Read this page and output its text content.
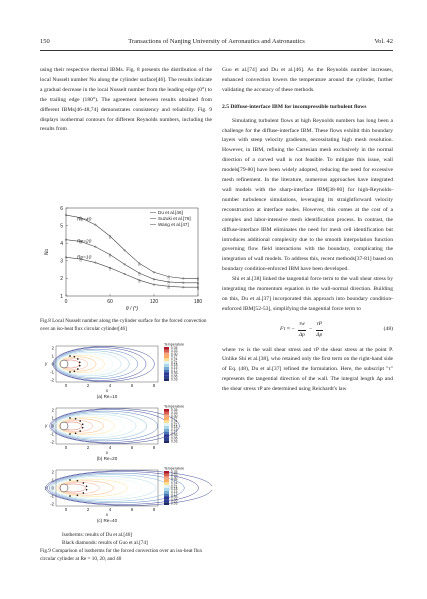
150	Transactions of Nanjing University of Aeronautics and Astronautics	Vol. 42

using their respective thermal IBMs. Fig. 8 presents the distribution of the local Nusselt number Nu along the cylinder surface[46]. The results indicate a gradual decrease in the local Nusselt number from the leading edge (0°) to the trailing edge (180°). The agreement between results obtained from different IBMs[46-48,74] demonstrates consistency and reliability. Fig. 9 displays isothermal contours for different Reynolds numbers, including the results from

0	60	120	180
1
2
3
4
5
6
θ / (°)
Nu
Re=40
Re=20
Re=10
Du et al.[46]
Suzuki et al.[78]
Wang et al.[47]
Fig.8 Local Nusselt number along the cylinder surface for the forced convection over an iso-heat flux circular cylinder[46]
2
1
0
-1
-2
0	2	4	6	8
y
x
(a) Re=10
Temperature
0.35
0.33
0.30
0.27
0.24
0.21
0.18
0.15
0.12
0.09
0.06
0.03
2
1
0
-1
-2
0	2	4	6	8
y
x
(b) Re=20
Temperature
0.35
0.33
0.30
0.27
0.24
0.21
0.18
0.15
0.12
0.09
0.06
0.03
2
1
0
-1
-2
0	2	4	6	8
y
x
(c) Re=40
Temperature
0.35
0.33
0.30
0.27
0.24
0.21
0.18
0.15
0.12
0.09
0.06
0.03
Isotherms: results of Du et al.[46]
Black diamonds: results of Guo et al.[74]
Fig.9 Comparison of isotherms for the forced convection over an iso-heat flux circular cylinder at Re = 10, 20, and 40

Guo et al.[74] and Du et al.[46]. As the Reynolds number increases, enhanced convection lowers the temperature around the cylinder, further validating the accuracy of these methods.

2.5 Diffuse-interface IBM for incompressible turbulent flows

Simulating turbulent flows at high Reynolds numbers has long been a challenge for the diffuse-interface IBM. These flows exhibit thin boundary layers with steep velocity gradients, necessitating high mesh resolution. However, in IBM, refining the Cartesian mesh exclusively in the normal direction of a curved wall is not feasible. To mitigate this issue, wall models[79-80] have been widely adopted, reducing the need for excessive mesh refinement. In the literature, numerous approaches have integrated wall models with the sharp-interface IBM[38-80] for high-Reynolds-number turbulence simulations, leveraging its straightforward velocity reconstruction at interface nodes. However, this comes at the cost of a complex and labor-intensive mesh identification process. In contrast, the diffuse-interface IBM eliminates the need for mesh cell identification but introduces additional complexity due to the smooth interpolation function governing flow field interactions with the boundary, complicating the integration of wall models. To address this, recent methods[37-81] based on boundary condition-enforced IBM have been developed.

Shi et al.[38] linked the tangential force term to the wall shear stress by integrating the momentum equation in the wall-normal direction. Building on this, Du et al.[37] incorporated this approach into boundary condition-enforced IBM[52-53], simplifying the tangential force term to

Fτ ≈ − $\frac{\tau w}{\Delta p} - \frac{\tau P}{\Delta p}$	(48)

where τw is the wall shear stress and τP the shear stress at the point P. Unlike Shi et al.[38], who retained only the first term on the right-hand side of Eq. (48), Du et al.[37] refined the formulation. Here, the subscript "τ" represents the tangential direction of the wall. The integral length Δp and the shear stress τP are determined using Reichardt's law
